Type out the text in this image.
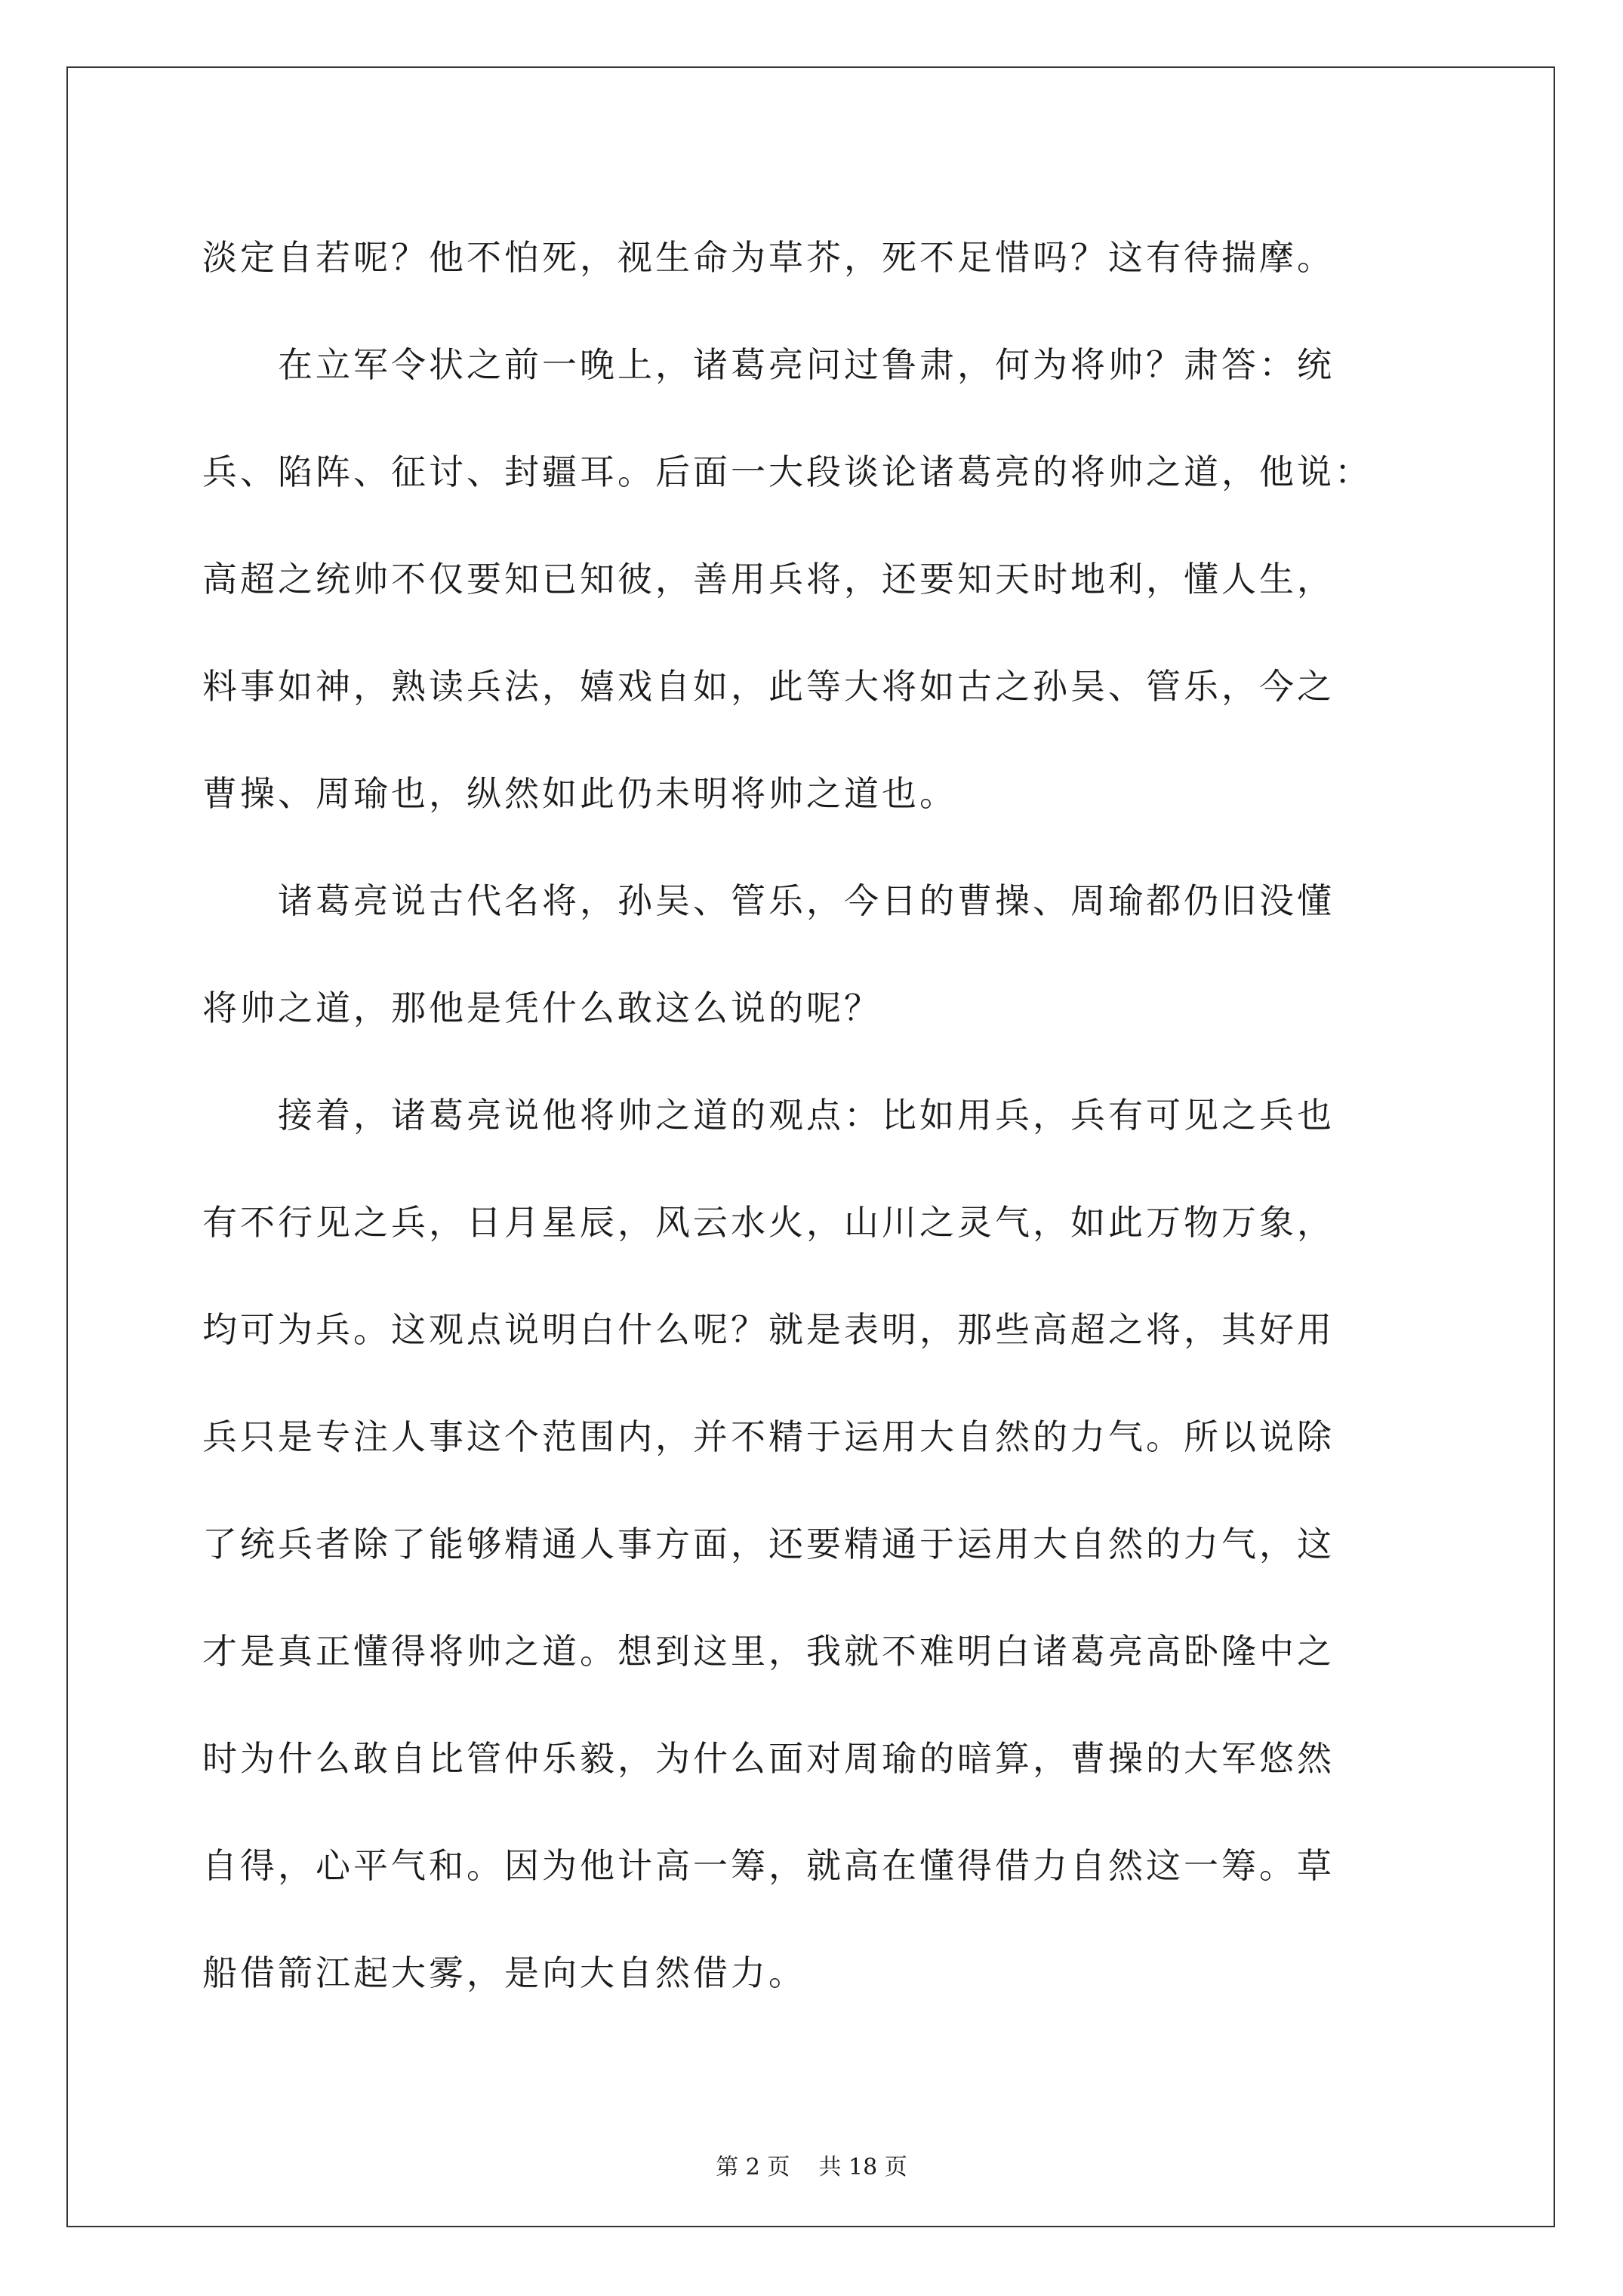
淡定自若呢？他不怕死，视生命为草芥，死不足惜吗？这有待揣摩。
　　在立军令状之前一晚上，诸葛亮问过鲁肃，何为将帅？肃答：统
兵、陷阵、征讨、封疆耳。后面一大段谈论诸葛亮的将帅之道，他说：
高超之统帅不仅要知已知彼，善用兵将，还要知天时地利，懂人生，
料事如神，熟读兵法，嬉戏自如，此等大将如古之孙吴、管乐，今之
曹操、周瑜也，纵然如此仍未明将帅之道也。
　　诸葛亮说古代名将，孙吴、管乐，今日的曹操、周瑜都仍旧没懂
将帅之道，那他是凭什么敢这么说的呢？
　　接着，诸葛亮说他将帅之道的观点：比如用兵，兵有可见之兵也
有不行见之兵，日月星辰，风云水火，山川之灵气，如此万物万象，
均可为兵。这观点说明白什么呢？就是表明，那些高超之将，其好用
兵只是专注人事这个范围内，并不精于运用大自然的力气。所以说除
了统兵者除了能够精通人事方面，还要精通于运用大自然的力气，这
才是真正懂得将帅之道。想到这里，我就不难明白诸葛亮高卧隆中之
时为什么敢自比管仲乐毅，为什么面对周瑜的暗算，曹操的大军悠然
自得，心平气和。因为他计高一筹，就高在懂得借力自然这一筹。草
船借箭江起大雾，是向大自然借力。
第 2 页    共 18 页
